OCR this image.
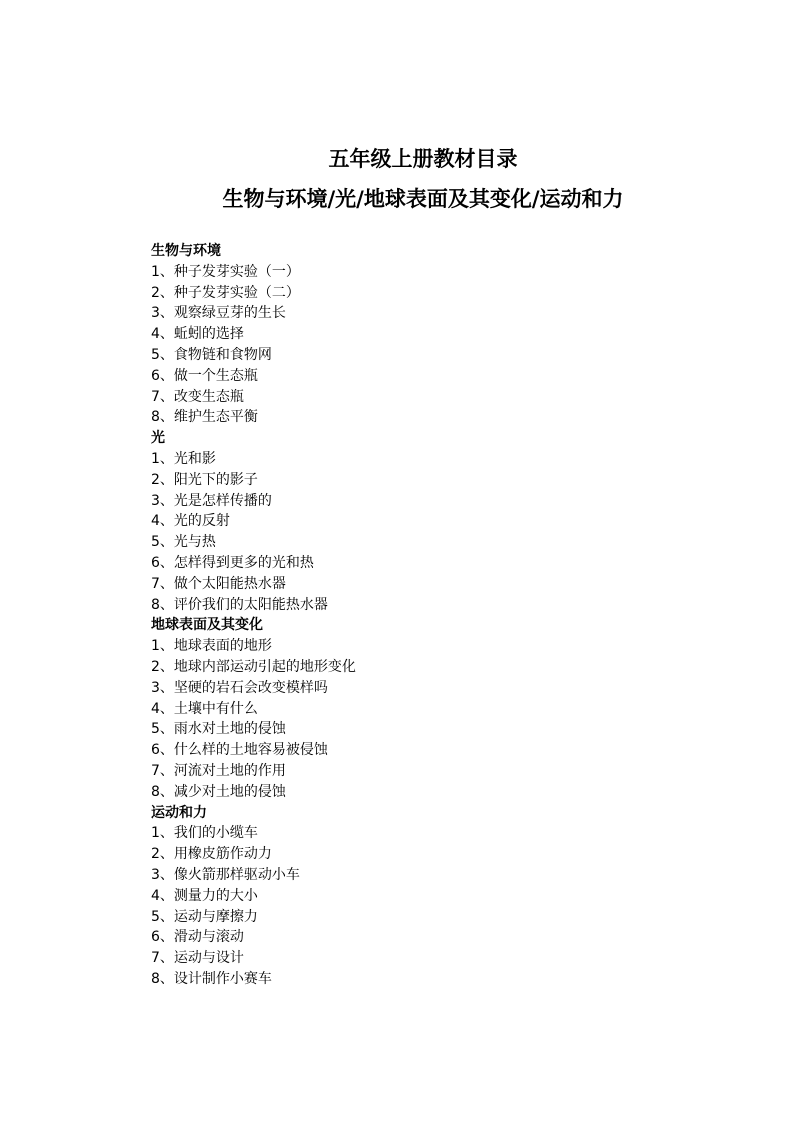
五年级上册教材目录
生物与环境/光/地球表面及其变化/运动和力
生物与环境
1、种子发芽实验（一）
2、种子发芽实验（二）
3、观察绿豆芽的生长
4、蚯蚓的选择
5、食物链和食物网
6、做一个生态瓶
7、改变生态瓶
8、维护生态平衡
光
1、光和影
2、阳光下的影子
3、光是怎样传播的
4、光的反射
5、光与热
6、怎样得到更多的光和热
7、做个太阳能热水器
8、评价我们的太阳能热水器
地球表面及其变化
1、地球表面的地形
2、地球内部运动引起的地形变化
3、坚硬的岩石会改变模样吗
4、土壤中有什么
5、雨水对土地的侵蚀
6、什么样的土地容易被侵蚀
7、河流对土地的作用
8、减少对土地的侵蚀
运动和力
1、我们的小缆车
2、用橡皮筋作动力
3、像火箭那样驱动小车
4、测量力的大小
5、运动与摩擦力
6、滑动与滚动
7、运动与设计
8、设计制作小赛车
